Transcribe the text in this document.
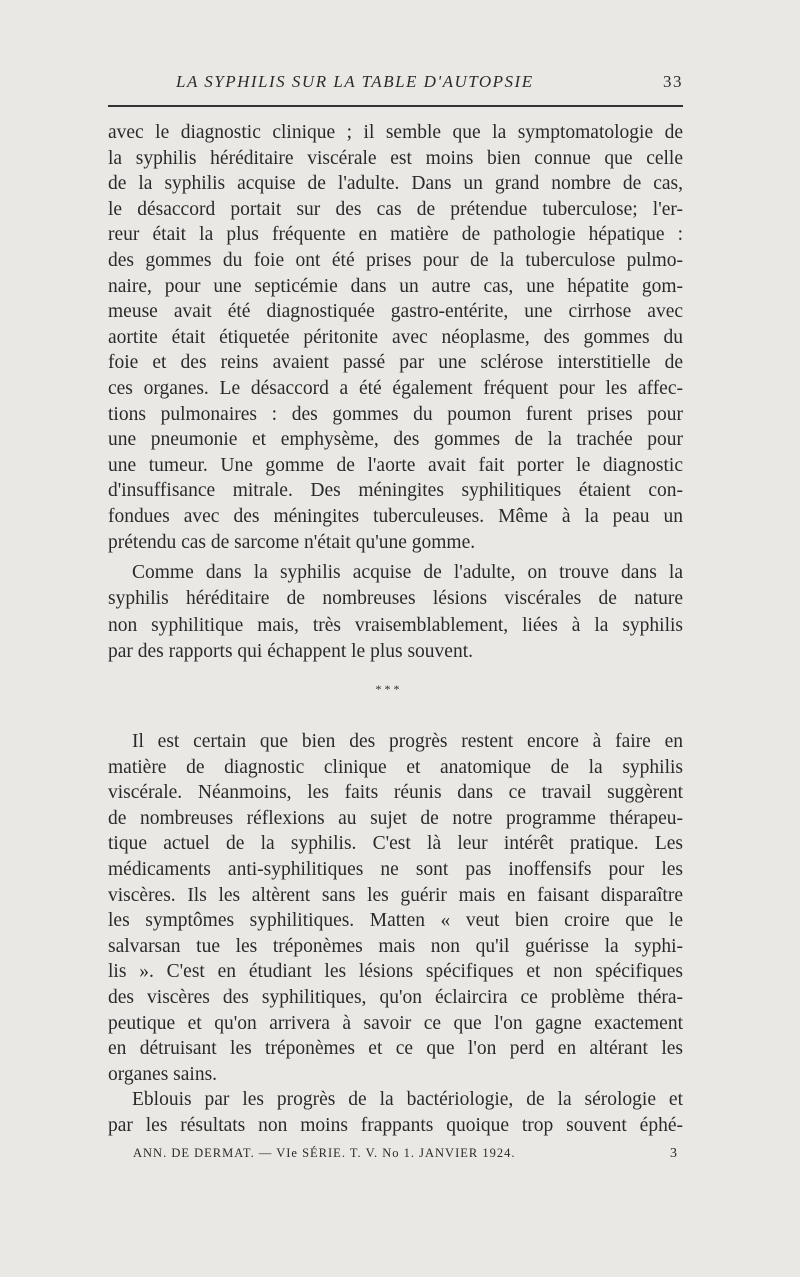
LA SYPHILIS SUR LA TABLE D'AUTOPSIE	33
avec le diagnostic clinique ; il semble que la symptomatologie de
la syphilis héréditaire viscérale est moins bien connue que celle
de la syphilis acquise de l'adulte. Dans un grand nombre de cas,
le désaccord portait sur des cas de prétendue tuberculose; l'er-
reur était la plus fréquente en matière de pathologie hépatique :
des gommes du foie ont été prises pour de la tuberculose pulmo-
naire, pour une septicémie dans un autre cas, une hépatite gom-
meuse avait été diagnostiquée gastro-entérite, une cirrhose avec
aortite était étiquetée péritonite avec néoplasme, des gommes du
foie et des reins avaient passé par une sclérose interstitielle de
ces organes. Le désaccord a été également fréquent pour les affec-
tions pulmonaires : des gommes du poumon furent prises pour
une pneumonie et emphysème, des gommes de la trachée pour
une tumeur. Une gomme de l'aorte avait fait porter le diagnostic
d'insuffisance mitrale. Des méningites syphilitiques étaient con-
fondues avec des méningites tuberculeuses. Même à la peau un
prétendu cas de sarcome n'était qu'une gomme.
Comme dans la syphilis acquise de l'adulte, on trouve dans la
syphilis héréditaire de nombreuses lésions viscérales de nature
non syphilitique mais, très vraisemblablement, liées à la syphilis
par des rapports qui échappent le plus souvent.
* * *
Il est certain que bien des progrès restent encore à faire en
matière de diagnostic clinique et anatomique de la syphilis
viscérale. Néanmoins, les faits réunis dans ce travail suggèrent
de nombreuses réflexions au sujet de notre programme thérapeu-
tique actuel de la syphilis. C'est là leur intérêt pratique. Les
médicaments anti-syphilitiques ne sont pas inoffensifs pour les
viscères. Ils les altèrent sans les guérir mais en faisant disparaître
les symptômes syphilitiques. Matten « veut bien croire que le
salvarsan tue les tréponèmes mais non qu'il guérisse la syphi-
lis ». C'est en étudiant les lésions spécifiques et non spécifiques
des viscères des syphilitiques, qu'on éclaircira ce problème théra-
peutique et qu'on arrivera à savoir ce que l'on gagne exactement
en détruisant les tréponèmes et ce que l'on perd en altérant les
organes sains.
Eblouis par les progrès de la bactériologie, de la sérologie et
par les résultats non moins frappants quoique trop souvent éphé-
ANN. DE DERMAT. — VIe SÉRIE. T. V. No 1. JANVIER 1924.	3
